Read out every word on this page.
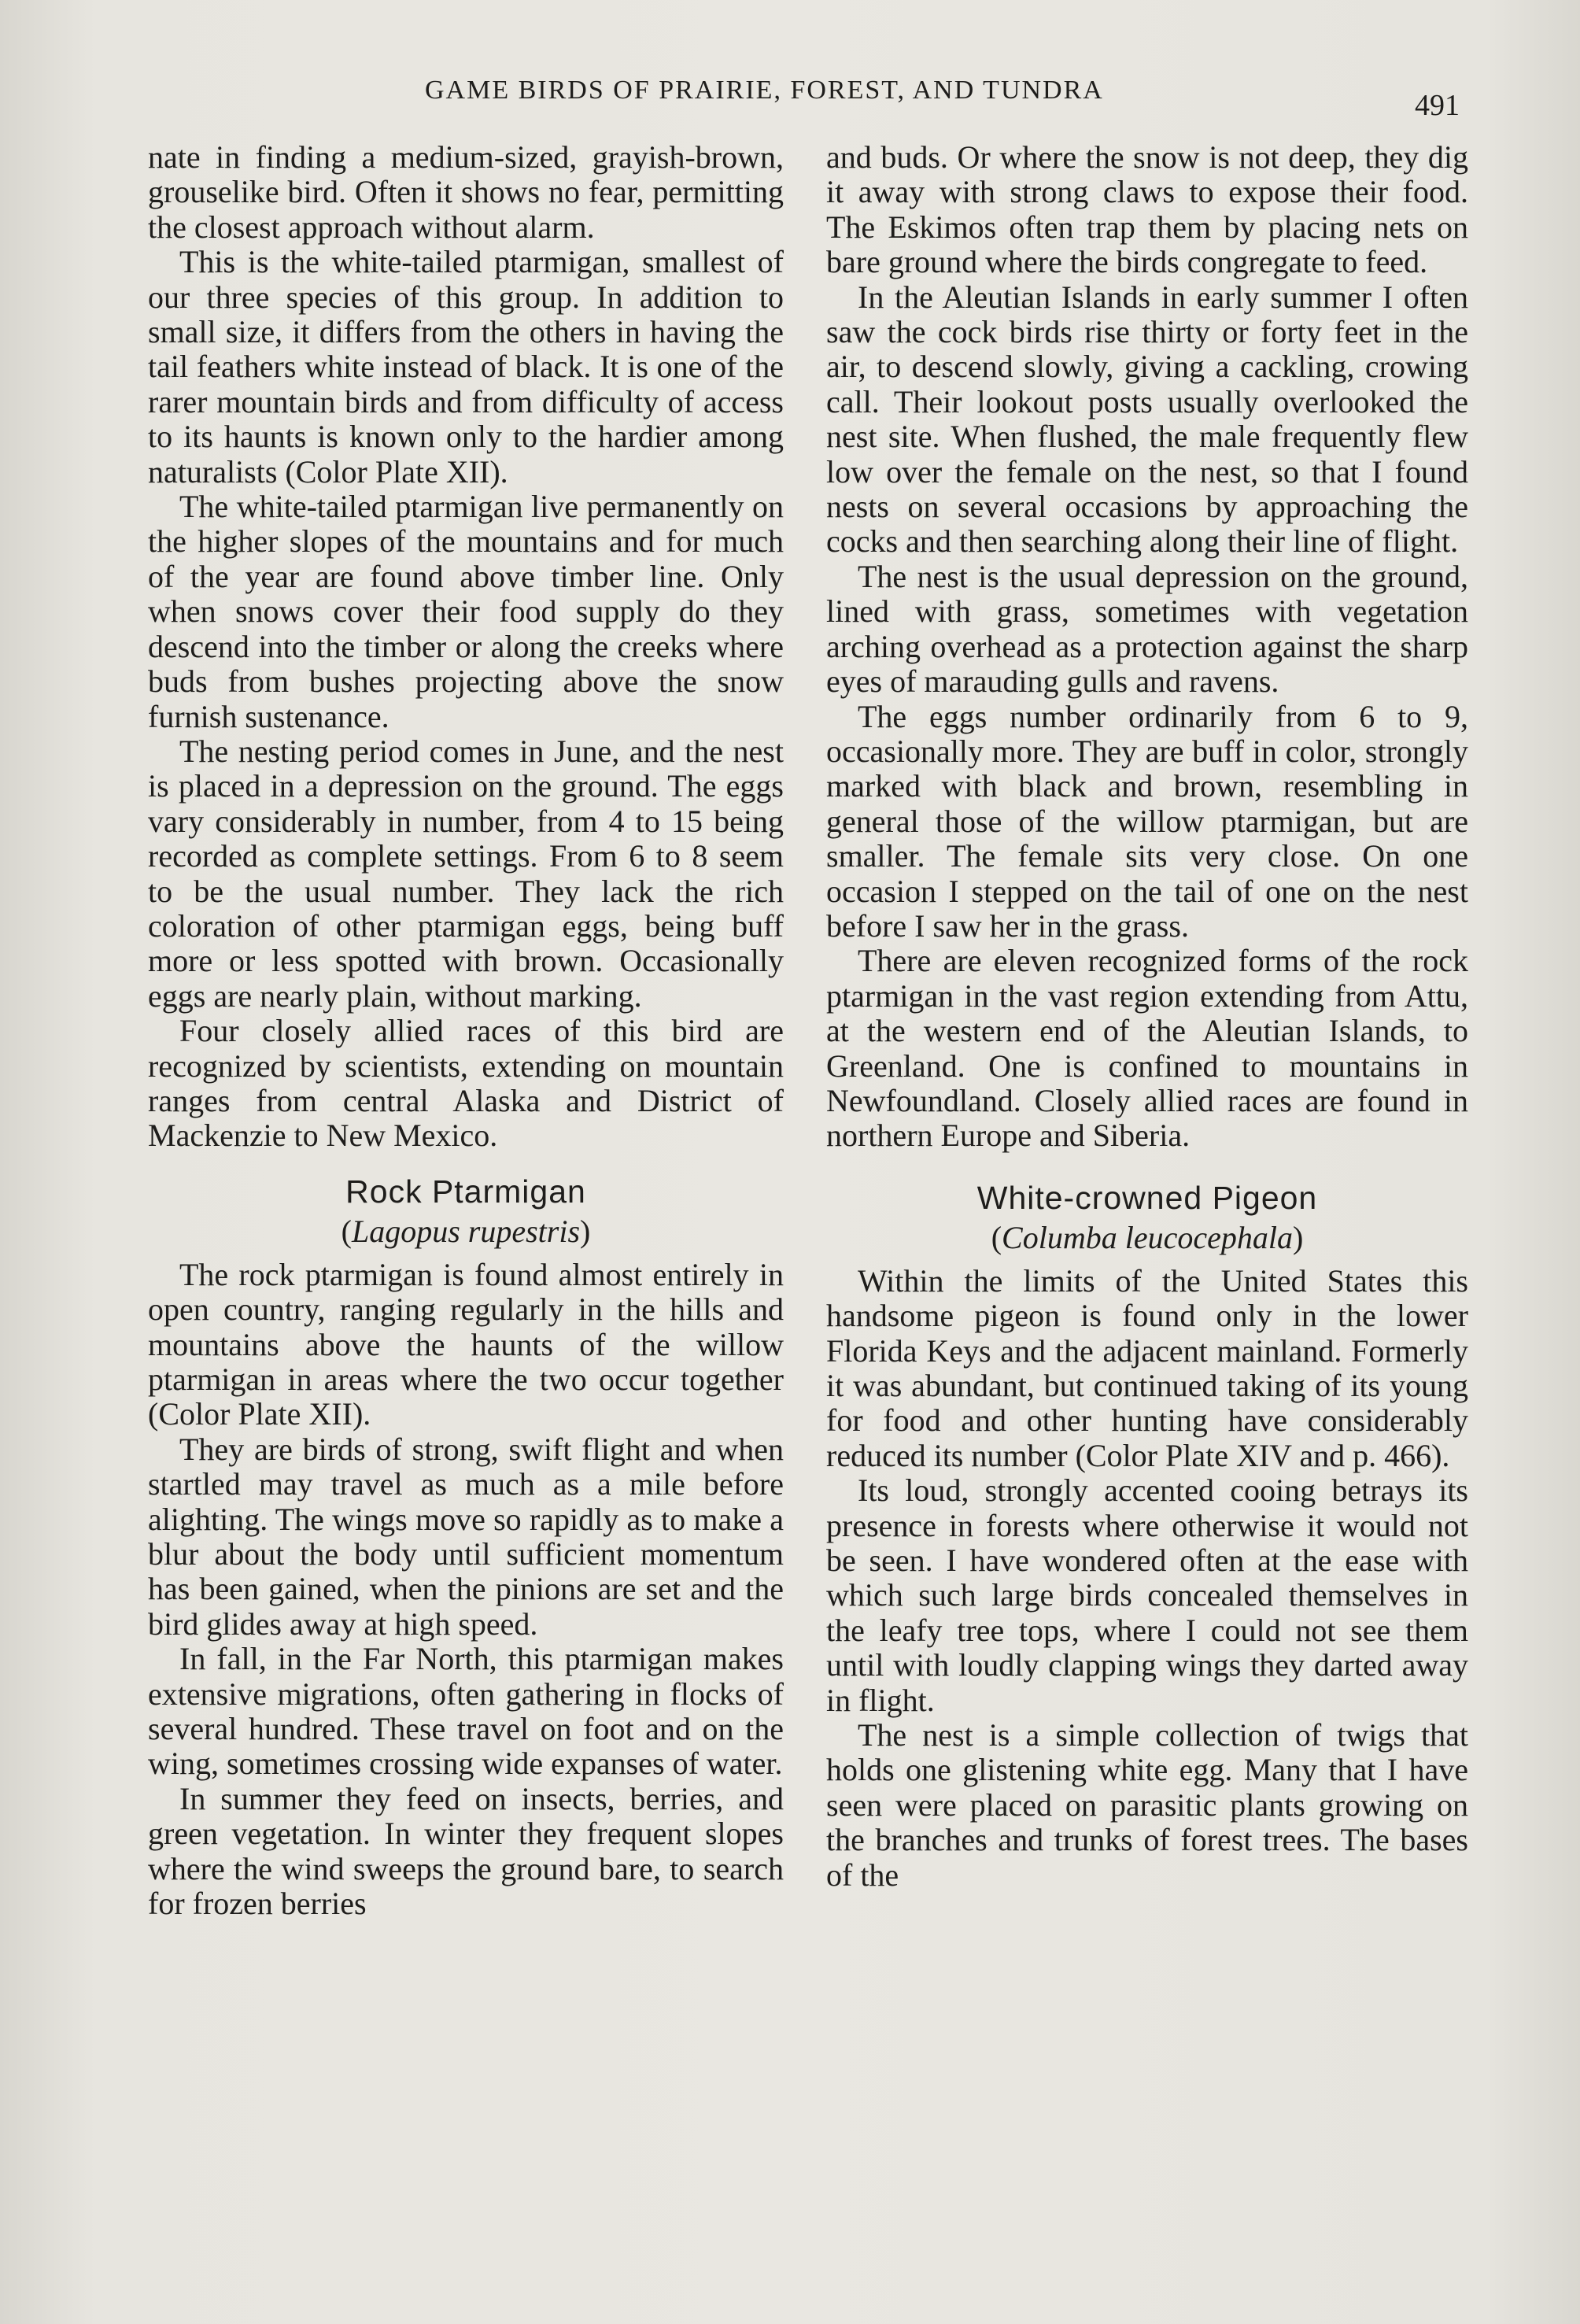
GAME BIRDS OF PRAIRIE, FOREST, AND TUNDRA	491

nate in finding a medium-sized, grayish-brown, grouselike bird. Often it shows no fear, permitting the closest approach without alarm.

This is the white-tailed ptarmigan, smallest of our three species of this group. In addition to small size, it differs from the others in having the tail feathers white instead of black. It is one of the rarer mountain birds and from difficulty of access to its haunts is known only to the hardier among naturalists (Color Plate XII).

The white-tailed ptarmigan live permanently on the higher slopes of the mountains and for much of the year are found above timber line. Only when snows cover their food supply do they descend into the timber or along the creeks where buds from bushes projecting above the snow furnish sustenance.

The nesting period comes in June, and the nest is placed in a depression on the ground. The eggs vary considerably in number, from 4 to 15 being recorded as complete settings. From 6 to 8 seem to be the usual number. They lack the rich coloration of other ptarmigan eggs, being buff more or less spotted with brown. Occasionally eggs are nearly plain, without marking.

Four closely allied races of this bird are recognized by scientists, extending on mountain ranges from central Alaska and District of Mackenzie to New Mexico.

Rock Ptarmigan
(Lagopus rupestris)

The rock ptarmigan is found almost entirely in open country, ranging regularly in the hills and mountains above the haunts of the willow ptarmigan in areas where the two occur together (Color Plate XII).

They are birds of strong, swift flight and when startled may travel as much as a mile before alighting. The wings move so rapidly as to make a blur about the body until sufficient momentum has been gained, when the pinions are set and the bird glides away at high speed.

In fall, in the Far North, this ptarmigan makes extensive migrations, often gathering in flocks of several hundred. These travel on foot and on the wing, sometimes crossing wide expanses of water.

In summer they feed on insects, berries, and green vegetation. In winter they frequent slopes where the wind sweeps the ground bare, to search for frozen berries

and buds. Or where the snow is not deep, they dig it away with strong claws to expose their food. The Eskimos often trap them by placing nets on bare ground where the birds congregate to feed.

In the Aleutian Islands in early summer I often saw the cock birds rise thirty or forty feet in the air, to descend slowly, giving a cackling, crowing call. Their lookout posts usually overlooked the nest site. When flushed, the male frequently flew low over the female on the nest, so that I found nests on several occasions by approaching the cocks and then searching along their line of flight.

The nest is the usual depression on the ground, lined with grass, sometimes with vegetation arching overhead as a protection against the sharp eyes of marauding gulls and ravens.

The eggs number ordinarily from 6 to 9, occasionally more. They are buff in color, strongly marked with black and brown, resembling in general those of the willow ptarmigan, but are smaller. The female sits very close. On one occasion I stepped on the tail of one on the nest before I saw her in the grass.

There are eleven recognized forms of the rock ptarmigan in the vast region extending from Attu, at the western end of the Aleutian Islands, to Greenland. One is confined to mountains in Newfoundland. Closely allied races are found in northern Europe and Siberia.

White-crowned Pigeon
(Columba leucocephala)

Within the limits of the United States this handsome pigeon is found only in the lower Florida Keys and the adjacent mainland. Formerly it was abundant, but continued taking of its young for food and other hunting have considerably reduced its number (Color Plate XIV and p. 466).

Its loud, strongly accented cooing betrays its presence in forests where otherwise it would not be seen. I have wondered often at the ease with which such large birds concealed themselves in the leafy tree tops, where I could not see them until with loudly clapping wings they darted away in flight.

The nest is a simple collection of twigs that holds one glistening white egg. Many that I have seen were placed on parasitic plants growing on the branches and trunks of forest trees. The bases of the
